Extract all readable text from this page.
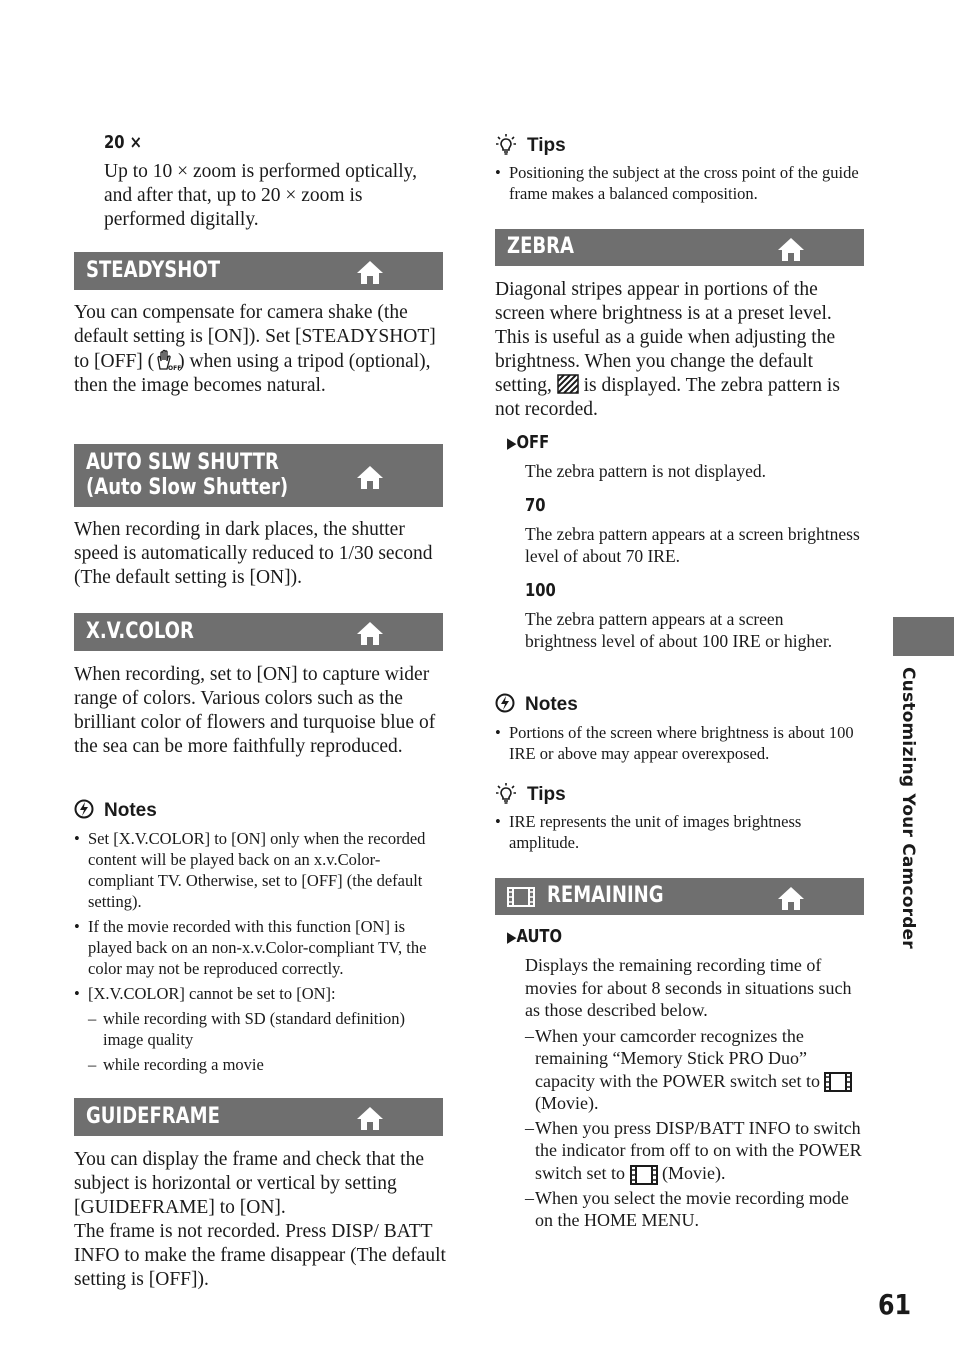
20 ×
Up to 10 × zoom is performed optically, and after that, up to 20 × zoom is performed digitally.
STEADYSHOT
You can compensate for camera shake (the default setting is [ON]). Set [STEADYSHOT] to [OFF] ( OFF
) when using a tripod (optional), then the image becomes natural.
AUTO SLW SHUTTR
(Auto Slow Shutter)
When recording in dark places, the shutter speed is automatically reduced to 1/30 second (The default setting is [ON]).
X.V.COLOR
When recording, set to [ON] to capture wider range of colors. Various colors such as the brilliant color of flowers and turquoise blue of the sea can be more faithfully reproduced.
Notes
• Set [X.V.COLOR] to [ON] only when the recorded content will be played back on an x.v.Color-compliant TV. Otherwise, set to [OFF] (the default setting).
• If the movie recorded with this function [ON] is played back on an non-x.v.Color-compliant TV, the color may not be reproduced correctly.
• [X.V.COLOR] cannot be set to [ON]:
– while recording with SD (standard definition) image quality
– while recording a movie
GUIDEFRAME
You can display the frame and check that the subject is horizontal or vertical by setting [GUIDEFRAME] to [ON].
The frame is not recorded. Press DISP/ BATT INFO to make the frame disappear (The default setting is [OFF]).
Tips
• Positioning the subject at the cross point of the guide frame makes a balanced composition.
ZEBRA
Diagonal stripes appear in portions of the screen where brightness is at a preset level. This is useful as a guide when adjusting the brightness. When you change the default setting, is displayed. The zebra pattern is not recorded.
▶OFF
The zebra pattern is not displayed.
70
The zebra pattern appears at a screen brightness level of about 70 IRE.
100
The zebra pattern appears at a screen brightness level of about 100 IRE or higher.
Notes
• Portions of the screen where brightness is about 100 IRE or above may appear overexposed.
Tips
• IRE represents the unit of images brightness amplitude.
REMAINING
▶AUTO
Displays the remaining recording time of movies for about 8 seconds in situations such as those described below.
– When your camcorder recognizes the remaining “Memory Stick PRO Duo” capacity with the POWER switch set to  (Movie).
– When you press DISP/BATT INFO to switch the indicator from off to on with the POWER switch set to (Movie).
– When you select the movie recording mode on the HOME MENU.
Customizing Your Camcorder
61
